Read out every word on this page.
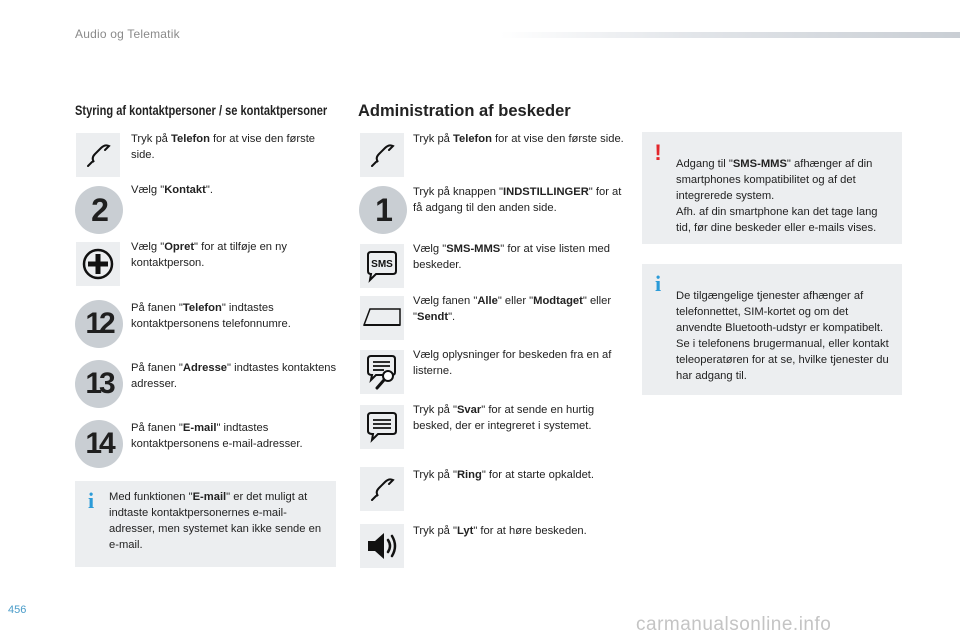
Audio og Telematik
Styring af kontaktpersoner / se kontaktpersoner
Tryk på Telefon for at vise den første side.
2
Vælg "Kontakt".
Vælg "Opret" for at tilføje en ny kontaktperson.
12	På fanen "Telefon" indtastes kontaktpersonens telefonnumre.
13	På fanen "Adresse" indtastes kontaktens adresser.
14	På fanen "E-mail" indtastes kontaktpersonens e-mail-adresser.
i Med funktionen "E-mail" er det muligt at indtaste kontaktpersonernes e-mail-adresser, men systemet kan ikke sende en e-mail.
Administration af beskeder
Tryk på Telefon for at vise den første side.
1	Tryk på knappen "INDSTILLINGER" for at få adgang til den anden side.
SMS
Vælg "SMS-MMS" for at vise listen med beskeder.
Vælg fanen "Alle" eller "Modtaget" eller "Sendt".
Vælg oplysninger for beskeden fra en af listerne.
Tryk på "Svar" for at sende en hurtig besked, der er integreret i systemet.
Tryk på "Ring" for at starte opkaldet.
Tryk på "Lyt" for at høre beskeden.

! Adgang til "SMS-MMS" afhænger af din smartphones kompatibilitet og af det integrerede system.
Afh. af din smartphone kan det tage lang tid, før dine beskeder eller e-mails vises.

i De tilgængelige tjenester afhænger af telefonnettet, SIM-kortet og om det anvendte Bluetooth-udstyr er kompatibelt.
Se i telefonens brugermanual, eller kontakt teleoperatøren for at se, hvilke tjenester du har adgang til.

456
carmanualsonline.info
